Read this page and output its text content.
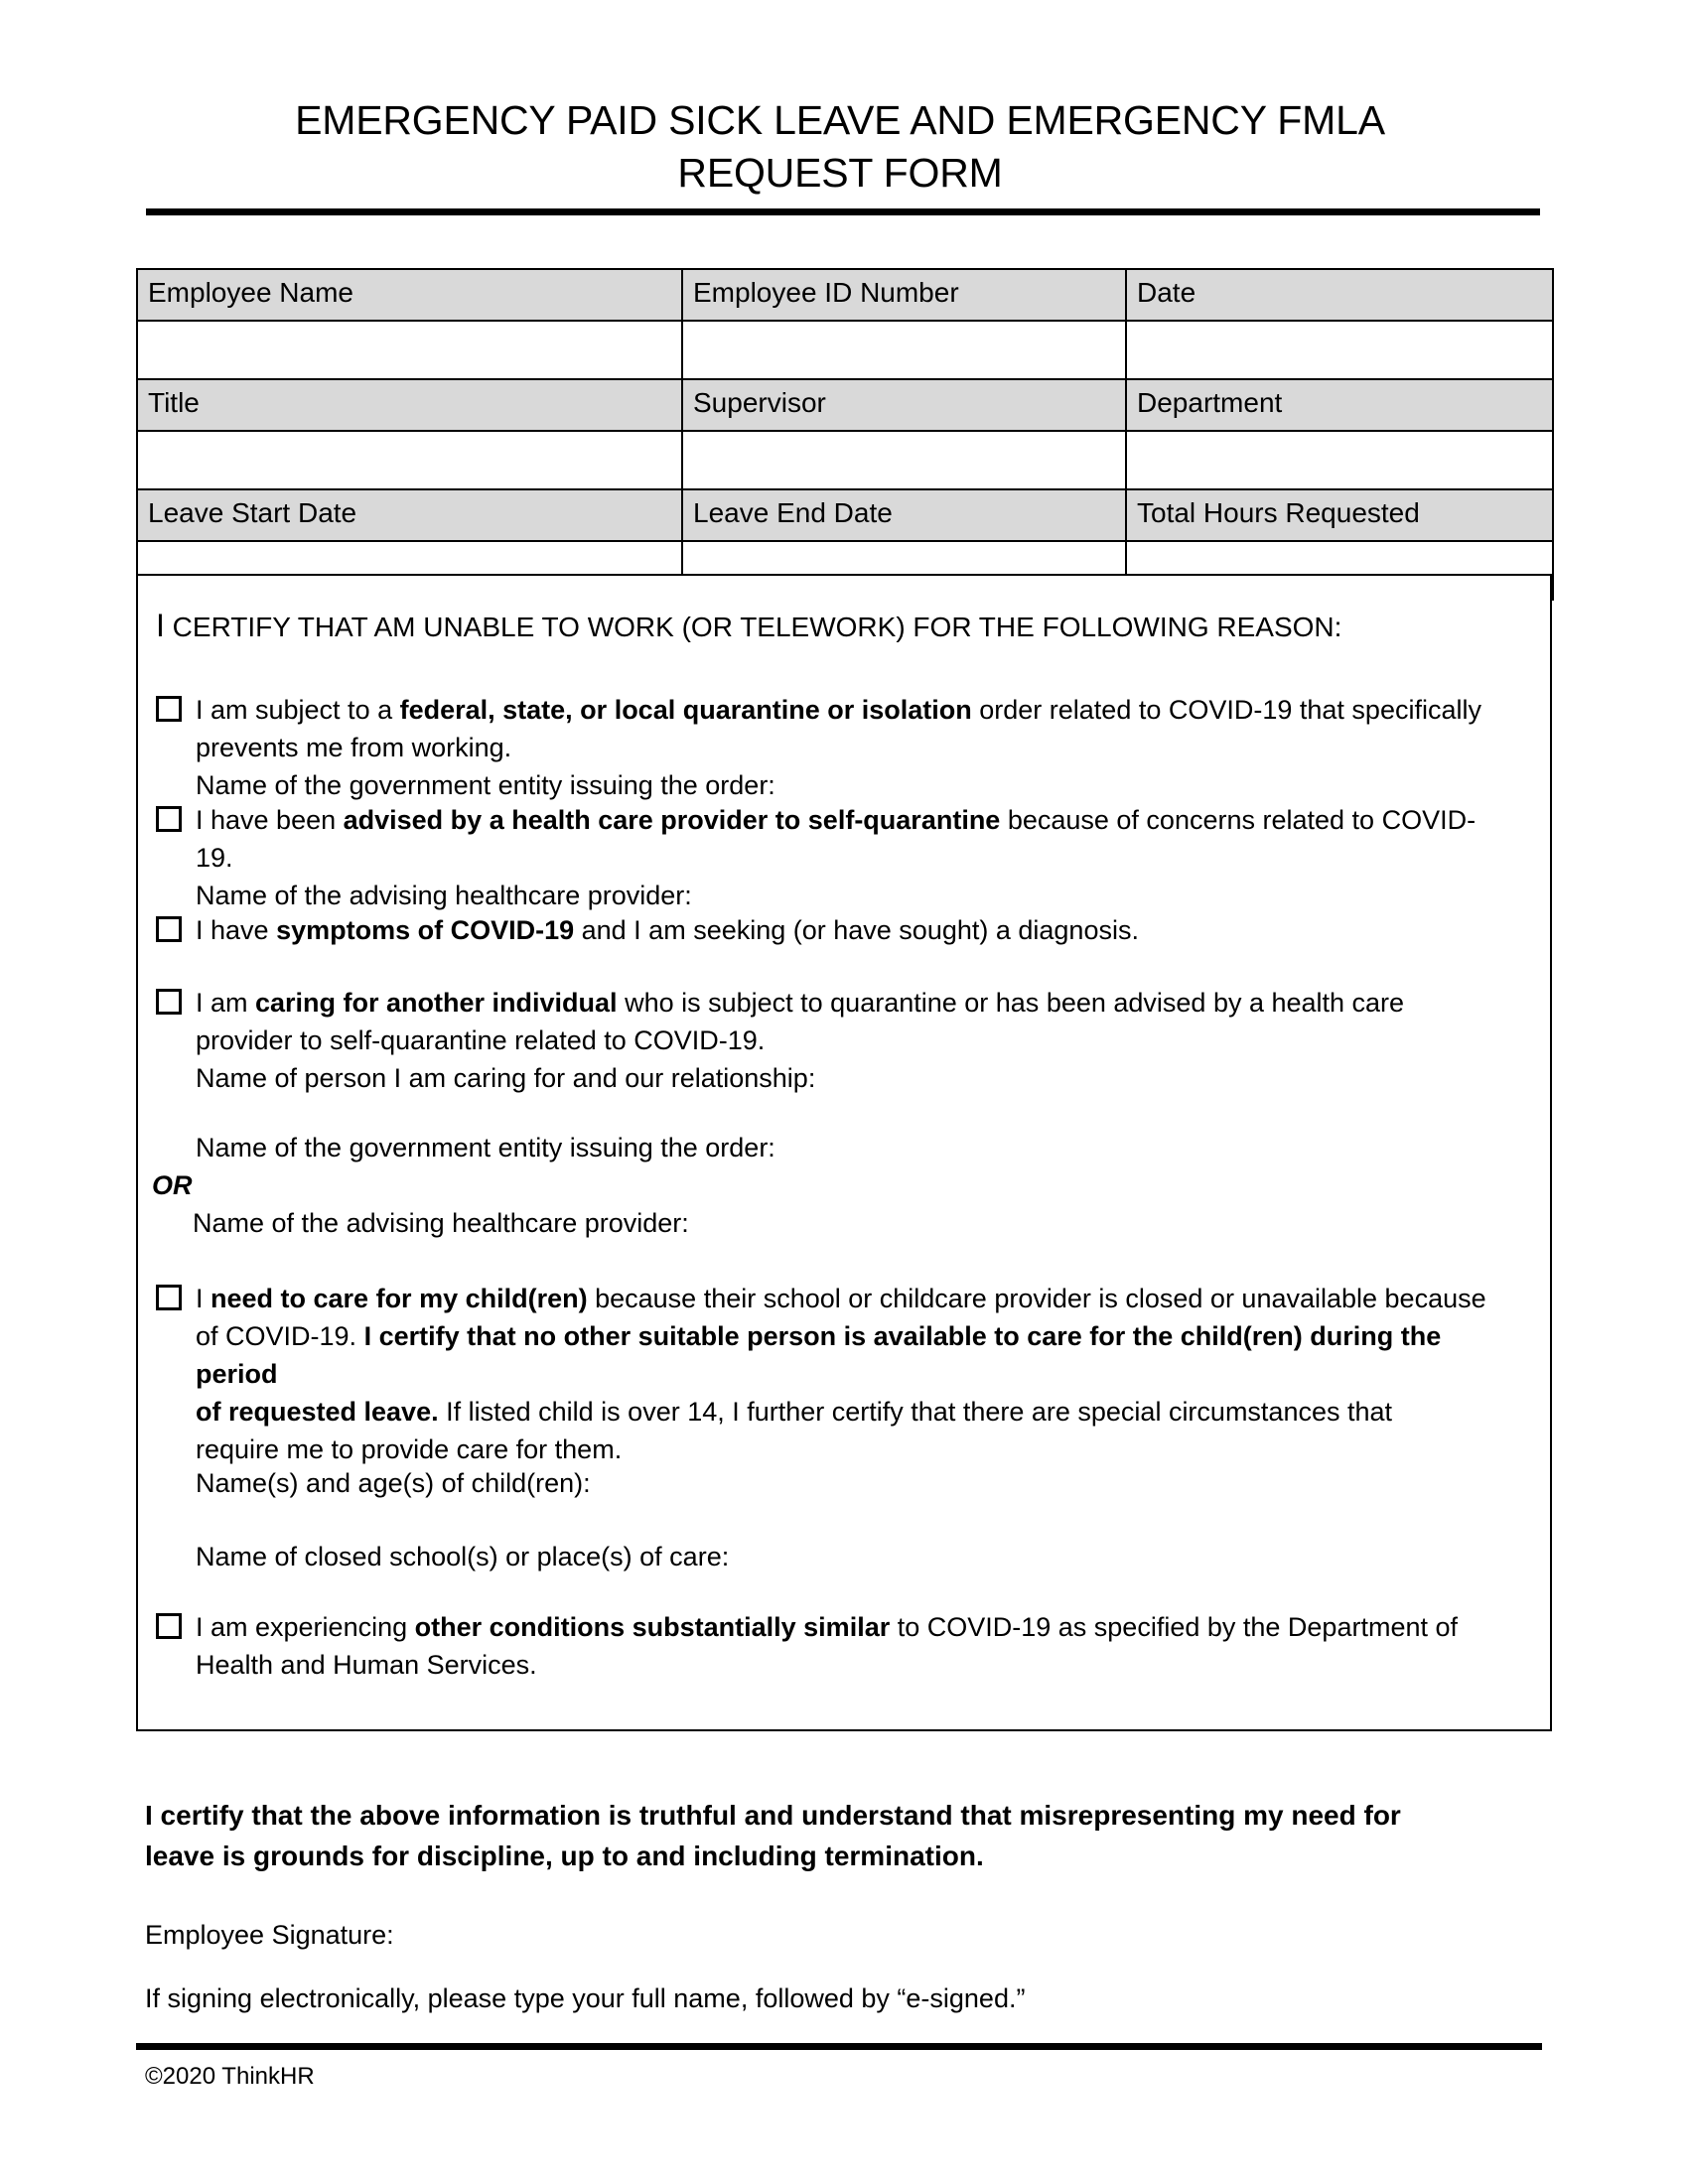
EMERGENCY PAID SICK LEAVE AND EMERGENCY FMLA
REQUEST FORM
Employee Name	Employee ID Number	Date

Title	Supervisor	Department

Leave Start Date	Leave End Date	Total Hours Requested

I CERTIFY THAT AM UNABLE TO WORK (OR TELEWORK) FOR THE FOLLOWING REASON:
I am subject to a federal, state, or local quarantine or isolation order related to COVID-19 that specifically
prevents me from working.
Name of the government entity issuing the order:
I have been advised by a health care provider to self-quarantine because of concerns related to COVID-19.
Name of the advising healthcare provider:
I have symptoms of COVID-19 and I am seeking (or have sought) a diagnosis.
I am caring for another individual who is subject to quarantine or has been advised by a health care
provider to self-quarantine related to COVID-19.
Name of person I am caring for and our relationship:
Name of the government entity issuing the order:
OR
Name of the advising healthcare provider:
I need to care for my child(ren) because their school or childcare provider is closed or unavailable because
of COVID-19. I certify that no other suitable person is available to care for the child(ren) during the period
of requested leave. If listed child is over 14, I further certify that there are special circumstances that
require me to provide care for them.
Name(s) and age(s) of child(ren):
Name of closed school(s) or place(s) of care:
I am experiencing other conditions substantially similar to COVID-19 as specified by the Department of
Health and Human Services.
I certify that the above information is truthful and understand that misrepresenting my need for
leave is grounds for discipline, up to and including termination.
Employee Signature:
If signing electronically, please type your full name, followed by “e-signed.”
©2020 ThinkHR
